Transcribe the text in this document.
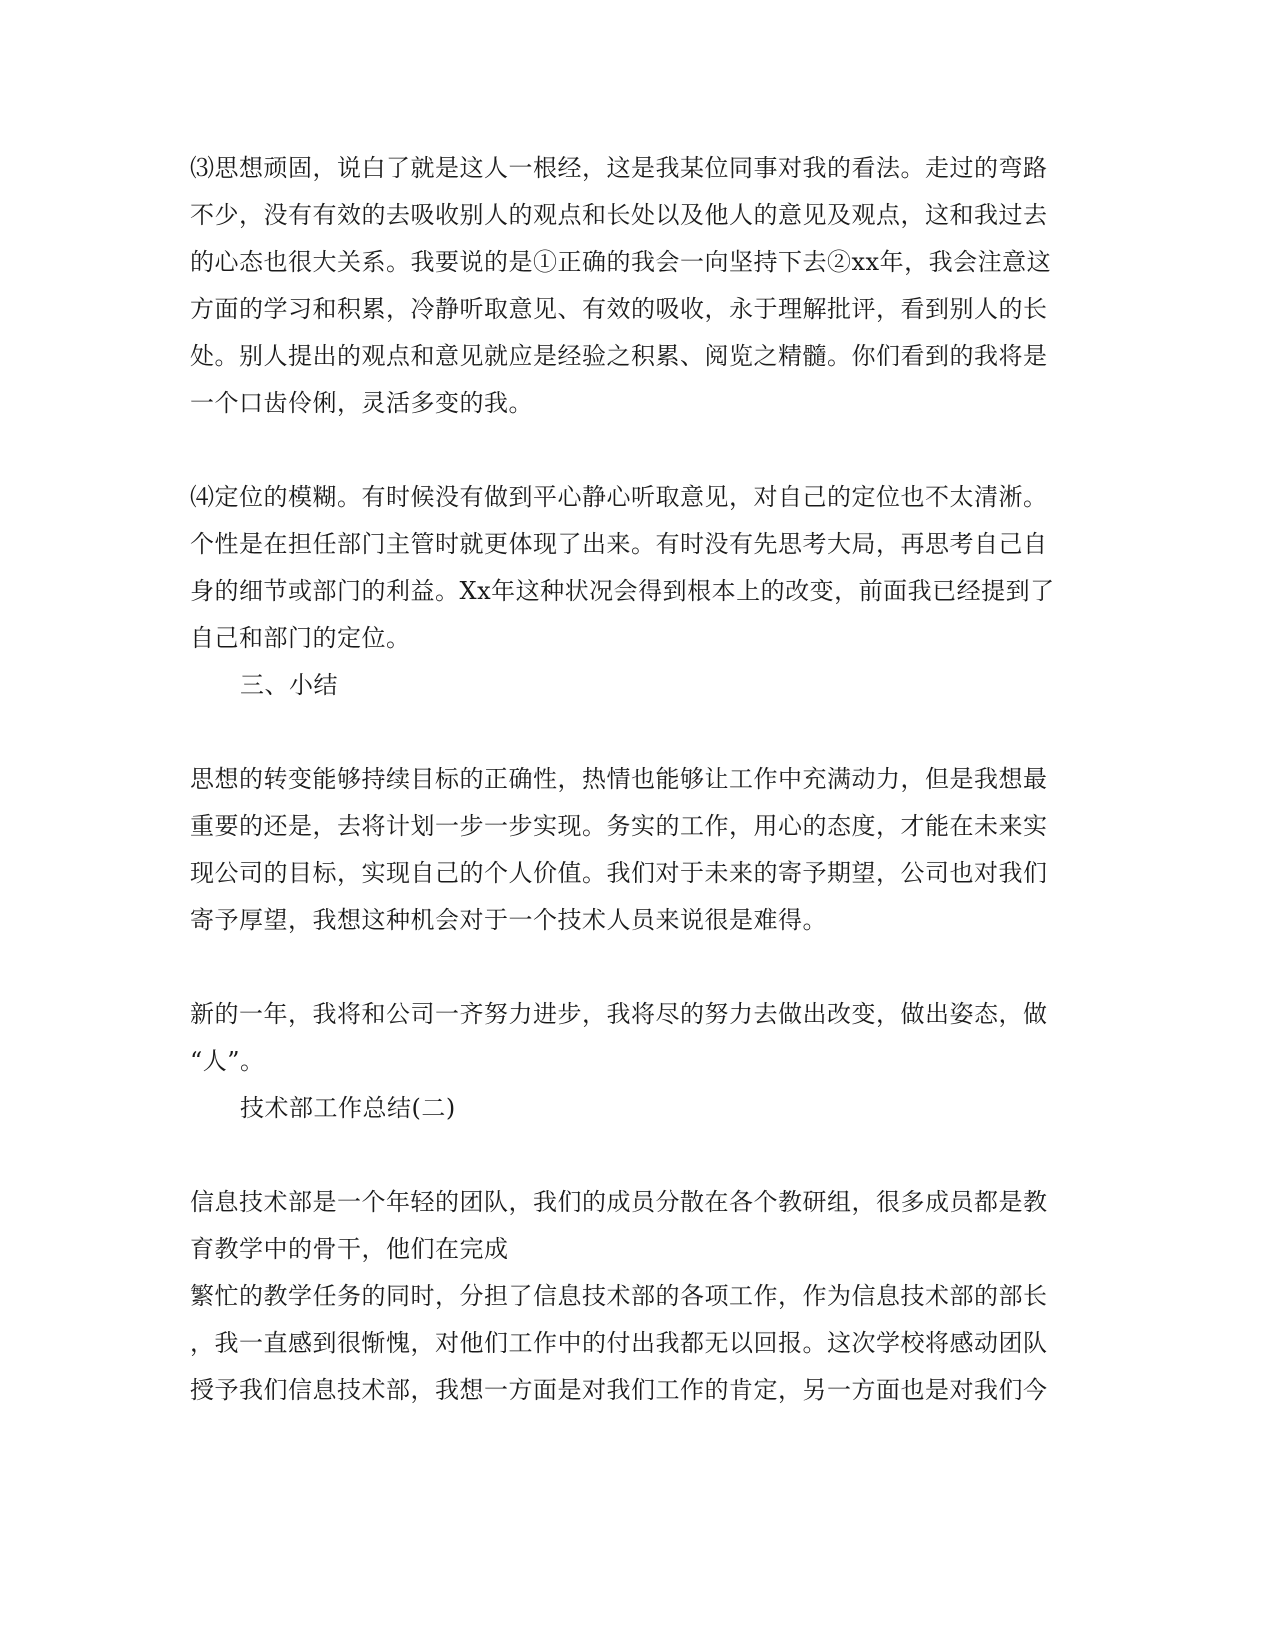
⑶思想顽固，说白了就是这人一根经，这是我某位同事对我的看法。走过的弯路
不少，没有有效的去吸收别人的观点和长处以及他人的意见及观点，这和我过去
的心态也很大关系。我要说的是①正确的我会一向坚持下去②xx年，我会注意这
方面的学习和积累，冷静听取意见、有效的吸收，永于理解批评，看到别人的长
处。别人提出的观点和意见就应是经验之积累、阅览之精髓。你们看到的我将是
一个口齿伶俐，灵活多变的我。
⑷定位的模糊。有时候没有做到平心静心听取意见，对自己的定位也不太清淅。
个性是在担任部门主管时就更体现了出来。有时没有先思考大局，再思考自己自
身的细节或部门的利益。Xx年这种状况会得到根本上的改变，前面我已经提到了
自己和部门的定位。
三、小结
思想的转变能够持续目标的正确性，热情也能够让工作中充满动力，但是我想最
重要的还是，去将计划一步一步实现。务实的工作，用心的态度，才能在未来实
现公司的目标，实现自己的个人价值。我们对于未来的寄予期望，公司也对我们
寄予厚望，我想这种机会对于一个技术人员来说很是难得。
新的一年，我将和公司一齐努力进步，我将尽的努力去做出改变，做出姿态，做
“人”。
技术部工作总结(二)
信息技术部是一个年轻的团队，我们的成员分散在各个教研组，很多成员都是教
育教学中的骨干，他们在完成
繁忙的教学任务的同时，分担了信息技术部的各项工作，作为信息技术部的部长
，我一直感到很惭愧，对他们工作中的付出我都无以回报。这次学校将感动团队
授予我们信息技术部，我想一方面是对我们工作的肯定，另一方面也是对我们今
